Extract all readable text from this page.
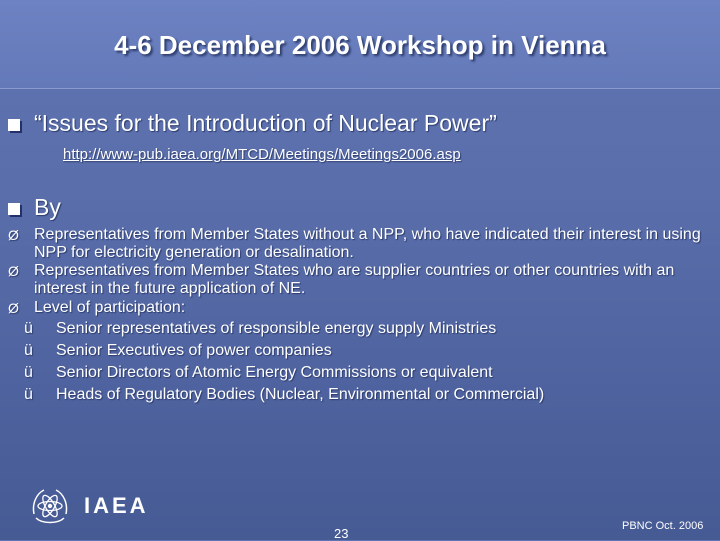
4-6 December 2006 Workshop in Vienna
“Issues for the Introduction of Nuclear Power”
http://www-pub.iaea.org/MTCD/Meetings/Meetings2006.asp
By
Ø Representatives from Member States without a NPP, who have indicated their interest in using NPP for electricity generation or desalination.
Ø Representatives from Member States who are supplier countries or other countries with an interest in the future application of NE.
Ø Level of participation:
ü Senior representatives of responsible energy supply Ministries
ü Senior Executives of power companies
ü Senior Directors of Atomic Energy Commissions or equivalent
ü Heads of Regulatory Bodies (Nuclear, Environmental or Commercial)
IAEA
23	PBNC Oct. 2006
